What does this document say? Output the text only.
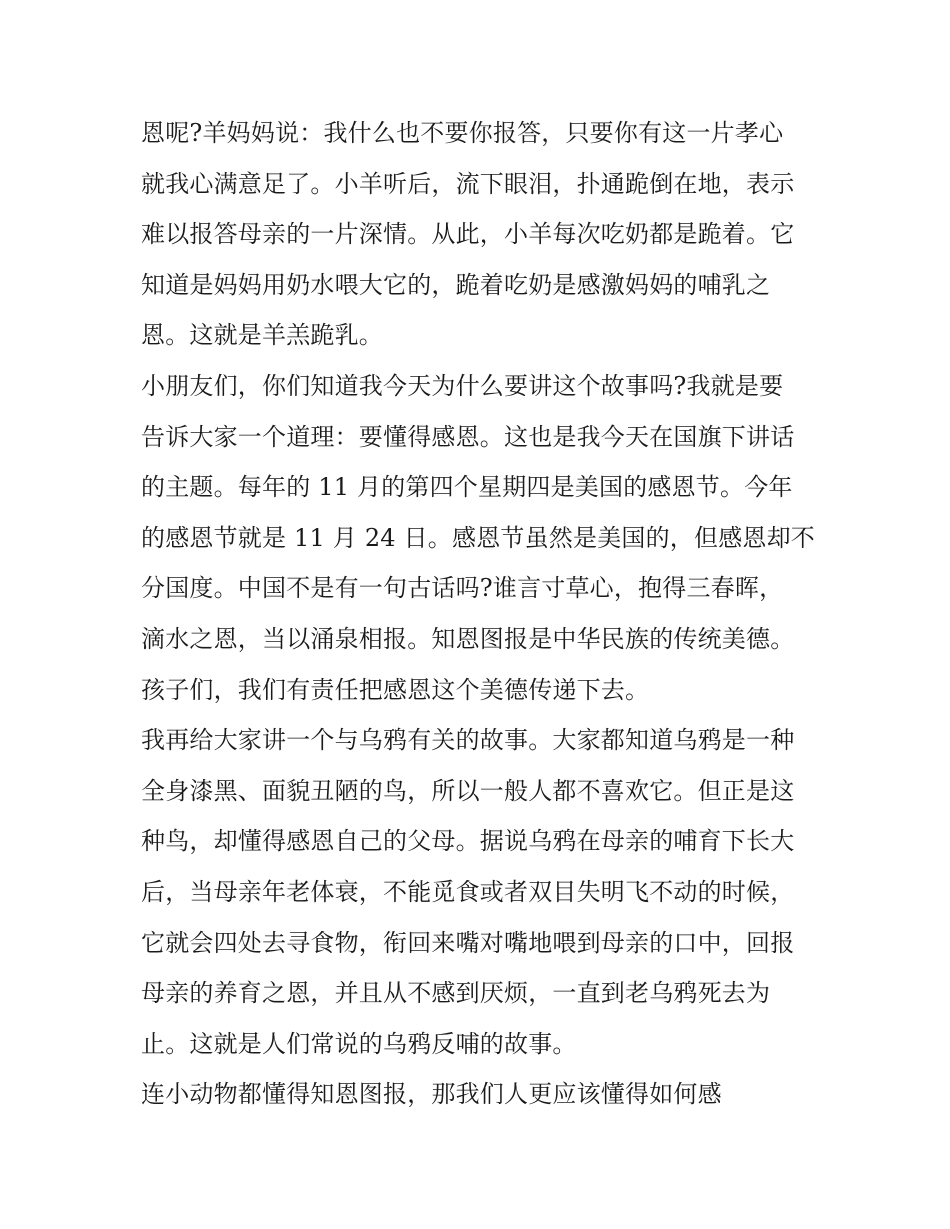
恩呢?羊妈妈说：我什么也不要你报答，只要你有这一片孝心
就我心满意足了。小羊听后，流下眼泪，扑通跪倒在地，表示
难以报答母亲的一片深情。从此，小羊每次吃奶都是跪着。它
知道是妈妈用奶水喂大它的，跪着吃奶是感激妈妈的哺乳之
恩。这就是羊羔跪乳。
小朋友们，你们知道我今天为什么要讲这个故事吗?我就是要
告诉大家一个道理：要懂得感恩。这也是我今天在国旗下讲话
的主题。每年的 11 月的第四个星期四是美国的感恩节。今年
的感恩节就是 11 月 24 日。感恩节虽然是美国的，但感恩却不
分国度。中国不是有一句古话吗?谁言寸草心，抱得三春晖，
滴水之恩，当以涌泉相报。知恩图报是中华民族的传统美德。
孩子们，我们有责任把感恩这个美德传递下去。
我再给大家讲一个与乌鸦有关的故事。大家都知道乌鸦是一种
全身漆黑、面貌丑陋的鸟，所以一般人都不喜欢它。但正是这
种鸟，却懂得感恩自己的父母。据说乌鸦在母亲的哺育下长大
后，当母亲年老体衰，不能觅食或者双目失明飞不动的时候，
它就会四处去寻食物，衔回来嘴对嘴地喂到母亲的口中，回报
母亲的养育之恩，并且从不感到厌烦，一直到老乌鸦死去为
止。这就是人们常说的乌鸦反哺的故事。
连小动物都懂得知恩图报，那我们人更应该懂得如何感
